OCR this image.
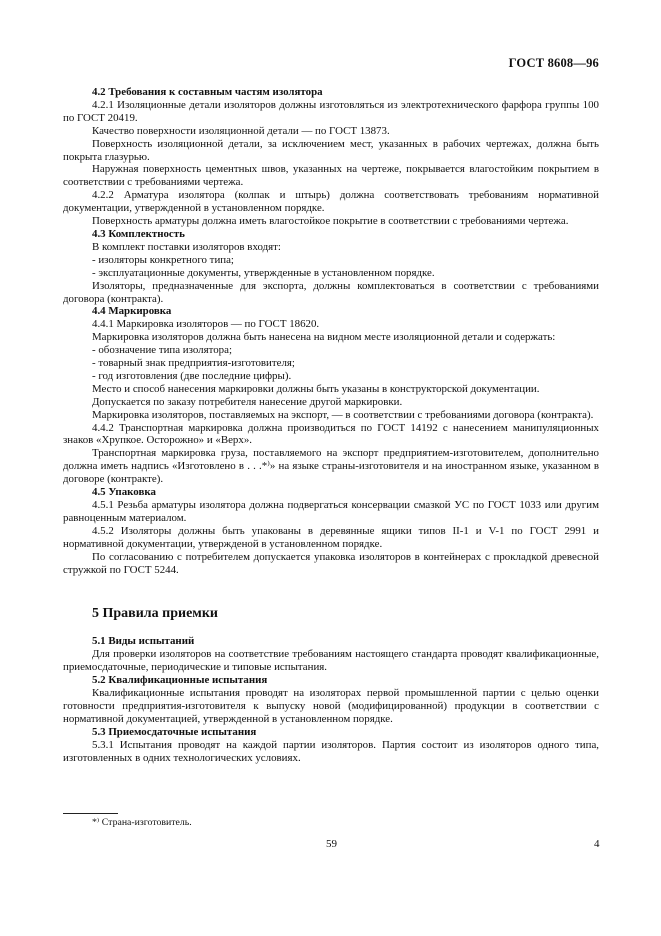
ГОСТ 8608—96

4.2 Требования к составным частям изолятора

4.2.1 Изоляционные детали изоляторов должны изготовляться из электротехнического фарфора группы 100 по ГОСТ 20419.

Качество поверхности изоляционной детали — по ГОСТ 13873.

Поверхность изоляционной детали, за исключением мест, указанных в рабочих чертежах, должна быть покрыта глазурью.

Наружная поверхность цементных швов, указанных на чертеже, покрывается влагостойким покрытием в соответствии с требованиями чертежа.

4.2.2 Арматура изолятора (колпак и штырь) должна соответствовать требованиям нормативной документации, утвержденной в установленном порядке.

Поверхность арматуры должна иметь влагостойкое покрытие в соответствии с требованиями чертежа.

4.3 Комплектность

В комплект поставки изоляторов входят:

- изоляторы конкретного типа;

- эксплуатационные документы, утвержденные в установленном порядке.

Изоляторы, предназначенные для экспорта, должны комплектоваться в соответствии с требованиями договора (контракта).

4.4 Маркировка

4.4.1 Маркировка изоляторов — по ГОСТ 18620.

Маркировка изоляторов должна быть нанесена на видном месте изоляционной детали и содержать:

- обозначение типа изолятора;

- товарный знак предприятия-изготовителя;

- год изготовления (две последние цифры).

Место и способ нанесения маркировки должны быть указаны в конструкторской документации.

Допускается по заказу потребителя нанесение другой маркировки.

Маркировка изоляторов, поставляемых на экспорт, — в соответствии с требованиями договора (контракта).

4.4.2 Транспортная маркировка должна производиться по ГОСТ 14192 с нанесением манипуляционных знаков «Хрупкое. Осторожно» и «Верх».

Транспортная маркировка груза, поставляемого на экспорт предприятием-изготовителем, дополнительно должна иметь надпись «Изготовлено в . . .*⁾» на языке страны-изготовителя и на иностранном языке, указанном в договоре (контракте).

4.5 Упаковка

4.5.1 Резьба арматуры изолятора должна подвергаться консервации смазкой УС по ГОСТ 1033 или другим равноценным материалом.

4.5.2 Изоляторы должны быть упакованы в деревянные ящики типов II-1 и V-1 по ГОСТ 2991 и нормативной документации, утвержденой в установленном порядке.

По согласованию с потребителем допускается упаковка изоляторов в контейнерах с прокладкой древесной стружкой по ГОСТ 5244.

5 Правила приемки

5.1 Виды испытаний

Для проверки изоляторов на соответствие требованиям настоящего стандарта проводят квалификационные, приемосдаточные, периодические и типовые испытания.

5.2 Квалификационные испытания

Квалификационные испытания проводят на изоляторах первой промышленной партии с целью оценки готовности предприятия-изготовителя к выпуску новой (модифицированной) продукции в соответствии с нормативной документацией, утвержденной в установленном порядке.

5.3 Приемосдаточные испытания

5.3.1 Испытания проводят на каждой партии изоляторов. Партия состоит из изоляторов одного типа, изготовленных в одних технологических условиях.

*⁾ Страна-изготовитель.
59	4
